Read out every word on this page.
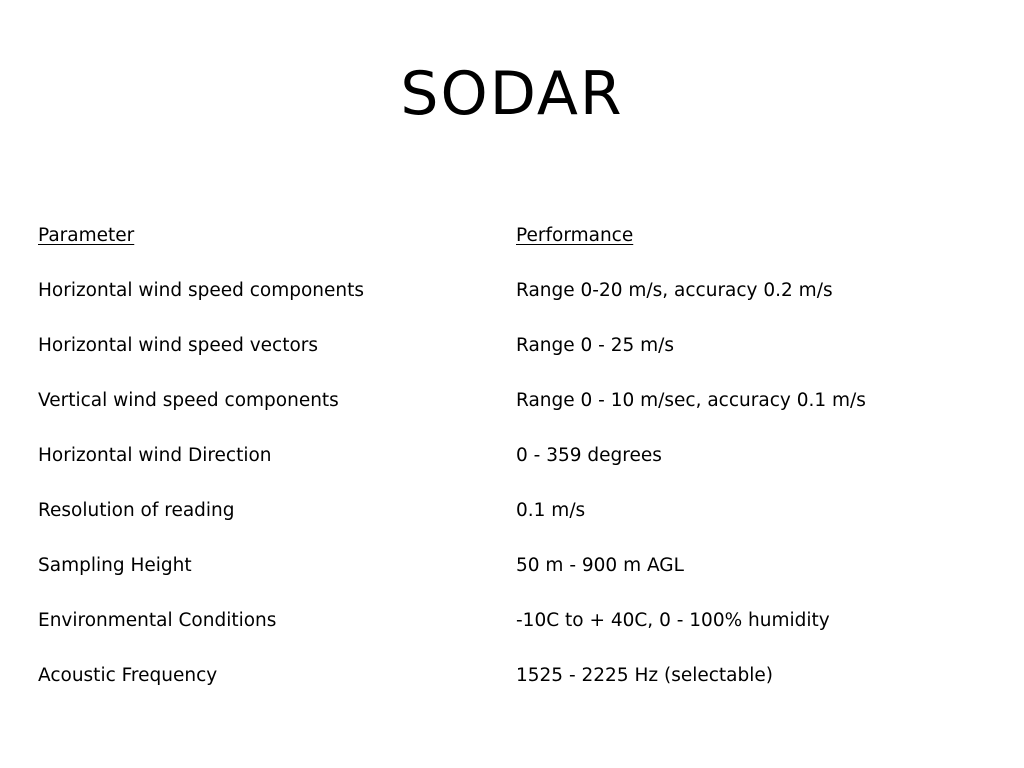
SODAR
Parameter	Performance
Horizontal wind speed components	Range 0-20 m/s, accuracy 0.2 m/s
Horizontal wind speed vectors	Range 0 - 25 m/s
Vertical wind speed components	Range 0 - 10 m/sec, accuracy 0.1 m/s
Horizontal wind Direction	0 - 359 degrees
Resolution of reading	0.1 m/s
Sampling Height	50 m - 900 m AGL
Environmental Conditions	-10C to + 40C, 0 - 100% humidity
Acoustic Frequency	1525 - 2225 Hz (selectable)
